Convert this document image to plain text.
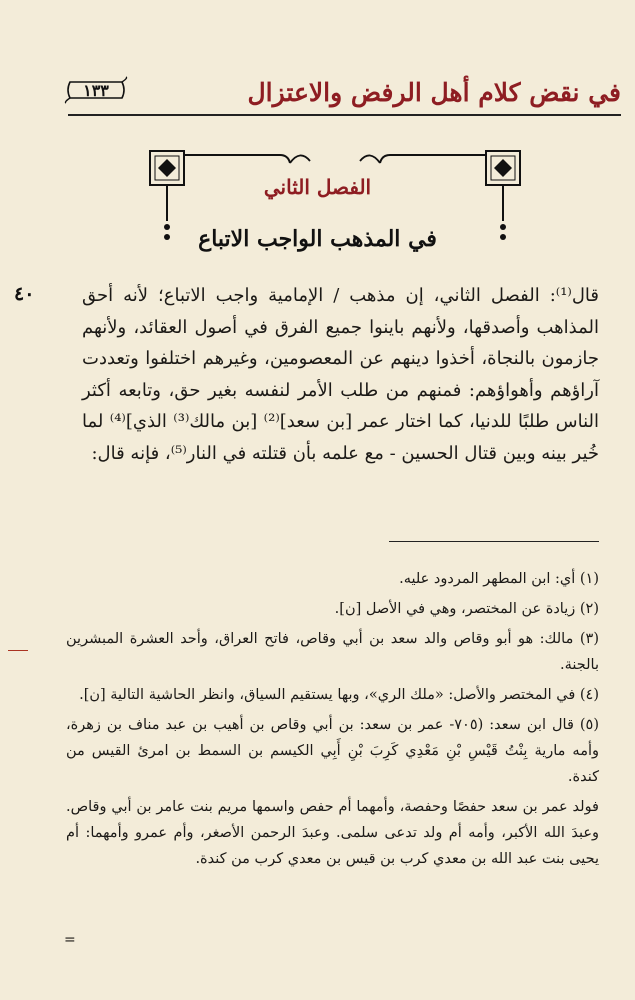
في نقض كلام أهل الرفض والاعتزال
١٣٣
الفصل الثاني
في المذهب الواجب الاتباع
٤٠	قال⁽¹⁾: الفصل الثاني، إن مذهب / الإمامية واجب الاتباع؛ لأنه أحق المذاهب وأصدقها، ولأنهم باينوا جميع الفرق في أصول العقائد، ولأنهم جازمون بالنجاة، أخذوا دينهم عن المعصومين، وغيرهم اختلفوا وتعددت آراؤهم وأهواؤهم: فمنهم من طلب الأمر لنفسه بغير حق، وتابعه أكثر الناس طلبًا للدنيا، كما اختار عمر [بن سعد]⁽²⁾ [بن مالك⁽³⁾ الذي]⁽⁴⁾ لما خُير بينه وبين قتال الحسين - مع علمه بأن قتلته في النار⁽⁵⁾، فإنه قال:

(١) أي: ابن المطهر المردود عليه.

(٢) زيادة عن المختصر، وهي في الأصل [ن].

(٣) مالك: هو أبو وقاص والد سعد بن أبي وقاص، فاتح العراق، وأحد العشرة المبشرين بالجنة.

(٤) في المختصر والأصل: «ملك الري»، وبها يستقيم السياق، وانظر الحاشية التالية [ن].

(٥) قال ابن سعد: (٧٠٥- عمر بن سعد: بن أبي وقاص بن أهيب بن عبد مناف بن زهرة، وأمه مارية بِنْتُ قَيْسِ بْنِ مَعْدِي كَرِبَ بْنِ أَبِي الكيسم بن السمط بن امرئ القيس من كندة.

فولد عمر بن سعد حفصًا وحفصة، وأمهما أم حفص واسمها مريم بنت عامر بن أبي وقاص. وعبدَ الله الأكبر، وأمه أم ولد تدعى سلمى. وعبدَ الرحمن الأصغر، وأم عمرو وأمهما: أم يحيى بنت عبد الله بن معدي كرب بن قيس بن معدي كرب من كندة.

=
